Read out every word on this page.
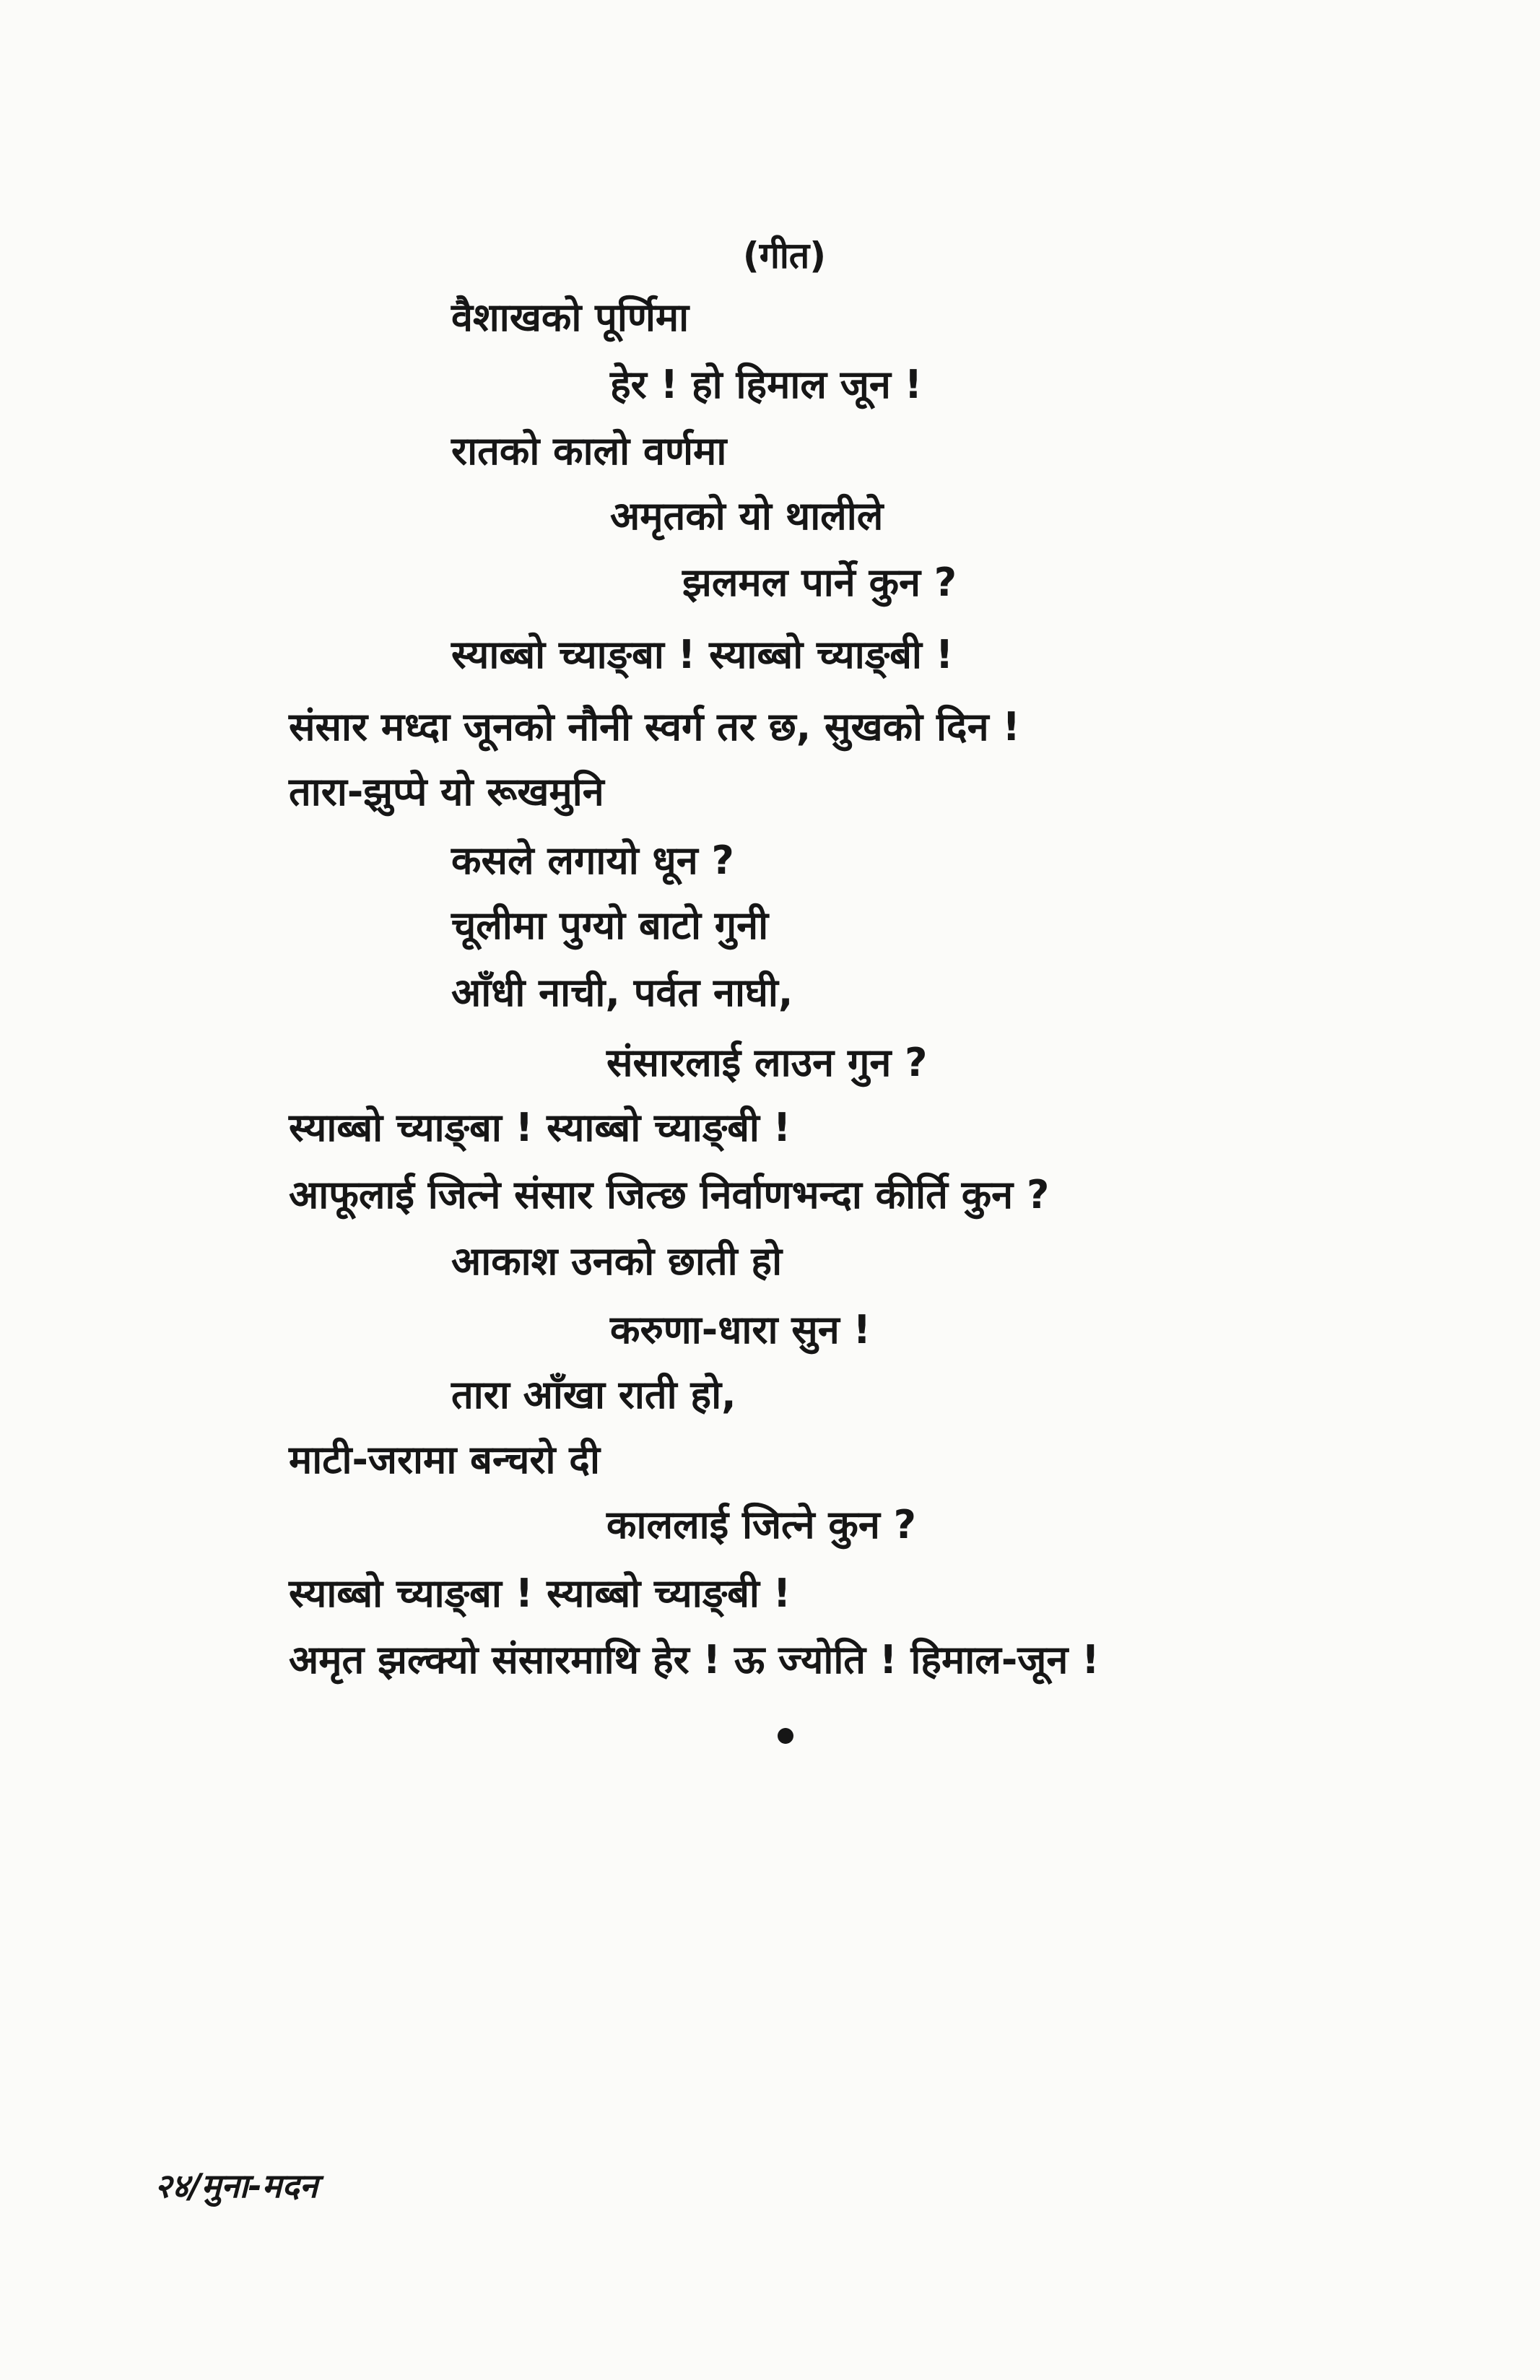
(गीत)
वैशाखको पूर्णिमा
हेर ! हो हिमाल जून !
रातको कालो वर्णमा
अमृतको यो थालीले
झलमल पार्ने कुन ?
स्याब्बो च्याङ्बा ! स्याब्बो च्याङ्बी !
संसार मध्दा जूनको नौनी स्वर्ग तर छ, सुखको दिन !
तारा-झुप्पे यो रूखमुनि
कसले लगायो धून ?
चूलीमा पुग्यो बाटो गुनी
आँधी नाची, पर्वत नाघी,
संसारलाई लाउन गुन ?
स्याब्बो च्याङ्बा ! स्याब्बो च्याङ्बी !
आफूलाई जित्ने संसार जित्छ निर्वाणभन्दा कीर्ति कुन ?
आकाश उनको छाती हो
करुणा-धारा सुन !
तारा आँखा राती हो,
माटी-जरामा बन्चरो दी
काललाई जित्ने कुन ?
स्याब्बो च्याङ्बा ! स्याब्बो च्याङ्बी !
अमृत झल्क्यो संसारमाथि हेर ! ऊ ज्योति ! हिमाल-जून !
२४/मुना-मदन
